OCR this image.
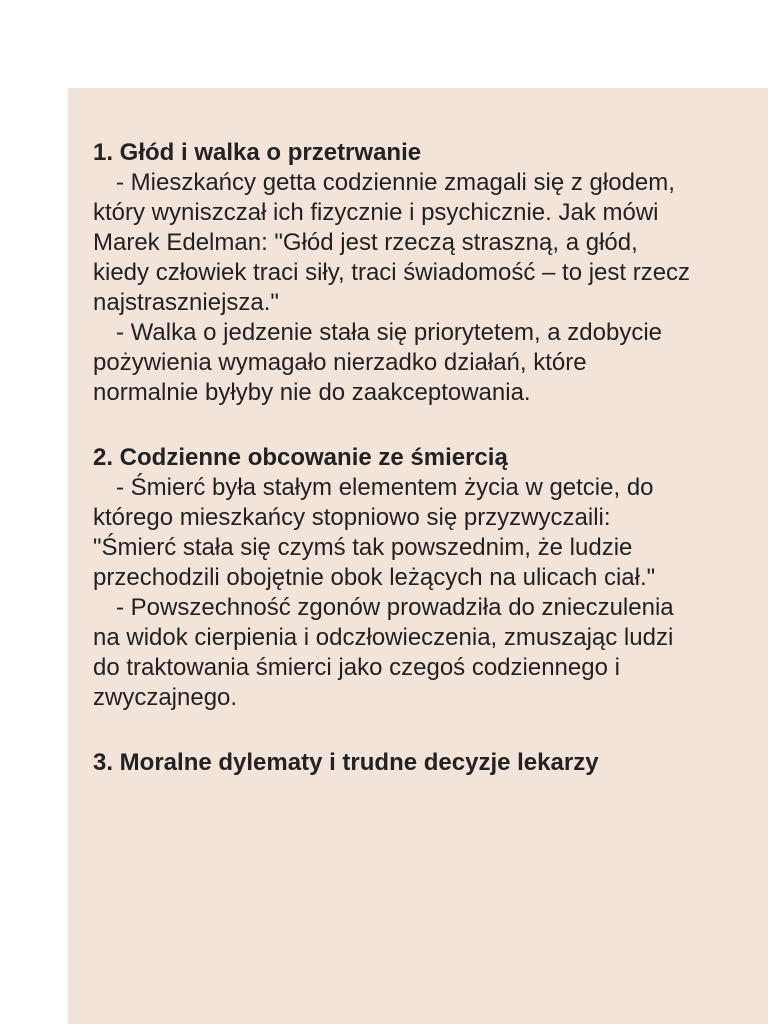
1. Głód i walka o przetrwanie

- Mieszkańcy getta codziennie zmagali się z głodem, który wyniszczał ich fizycznie i psychicznie. Jak mówi Marek Edelman: "Głód jest rzeczą straszną, a głód, kiedy człowiek traci siły, traci świadomość – to jest rzecz najstraszniejsza."

- Walka o jedzenie stała się priorytetem, a zdobycie pożywienia wymagało nierzadko działań, które normalnie byłyby nie do zaakceptowania.

2. Codzienne obcowanie ze śmiercią

- Śmierć była stałym elementem życia w getcie, do którego mieszkańcy stopniowo się przyzwyczaili: "Śmierć stała się czymś tak powszednim, że ludzie przechodzili obojętnie obok leżących na ulicach ciał."

- Powszechność zgonów prowadziła do znieczulenia na widok cierpienia i odczłowieczenia, zmuszając ludzi do traktowania śmierci jako czegoś codziennego i zwyczajnego.

3. Moralne dylematy i trudne decyzje lekarzy
